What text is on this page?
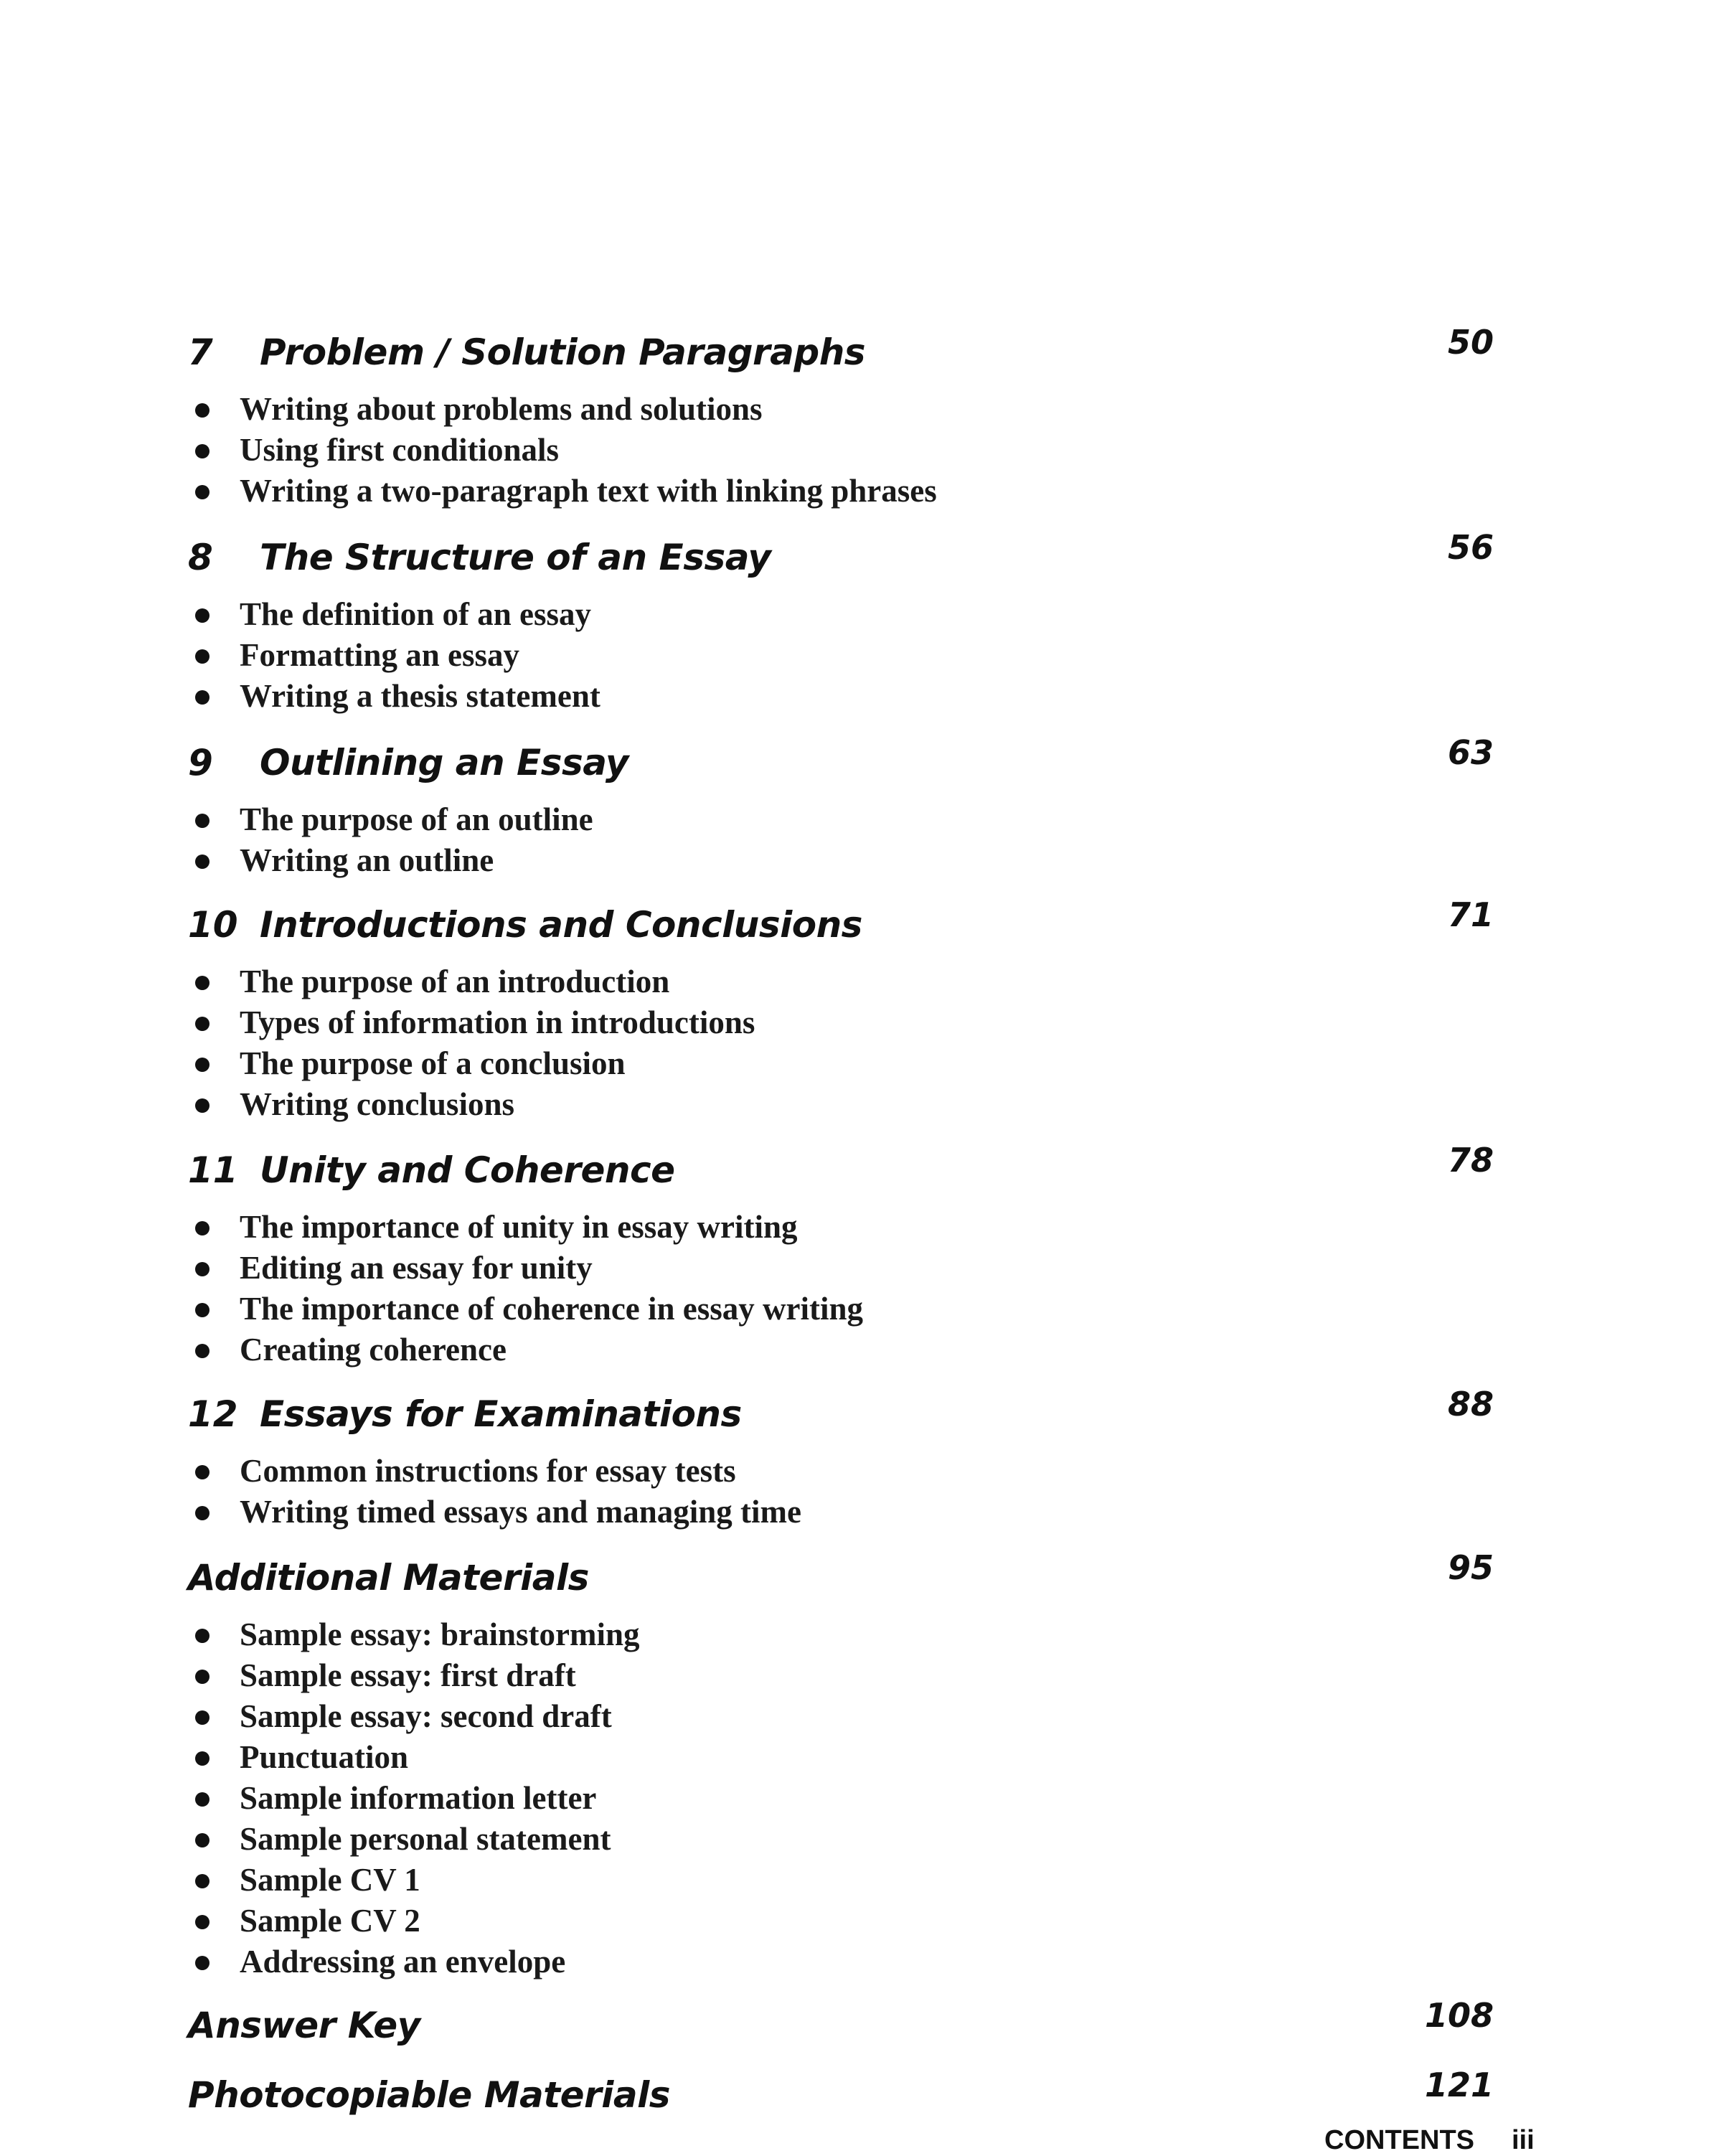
7 Problem / Solution Paragraphs	50
Writing about problems and solutions
Using first conditionals
Writing a two-paragraph text with linking phrases
8 The Structure of an Essay	56
The definition of an essay
Formatting an essay
Writing a thesis statement
9 Outlining an Essay	63
The purpose of an outline
Writing an outline
10 Introductions and Conclusions	71
The purpose of an introduction
Types of information in introductions
The purpose of a conclusion
Writing conclusions
11 Unity and Coherence	78
The importance of unity in essay writing
Editing an essay for unity
The importance of coherence in essay writing
Creating coherence
12 Essays for Examinations	88
Common instructions for essay tests
Writing timed essays and managing time
Additional Materials	95
Sample essay: brainstorming
Sample essay: first draft
Sample essay: second draft
Punctuation
Sample information letter
Sample personal statement
Sample CV 1
Sample CV 2
Addressing an envelope
Answer Key	108
Photocopiable Materials	121
CONTENTS iii
